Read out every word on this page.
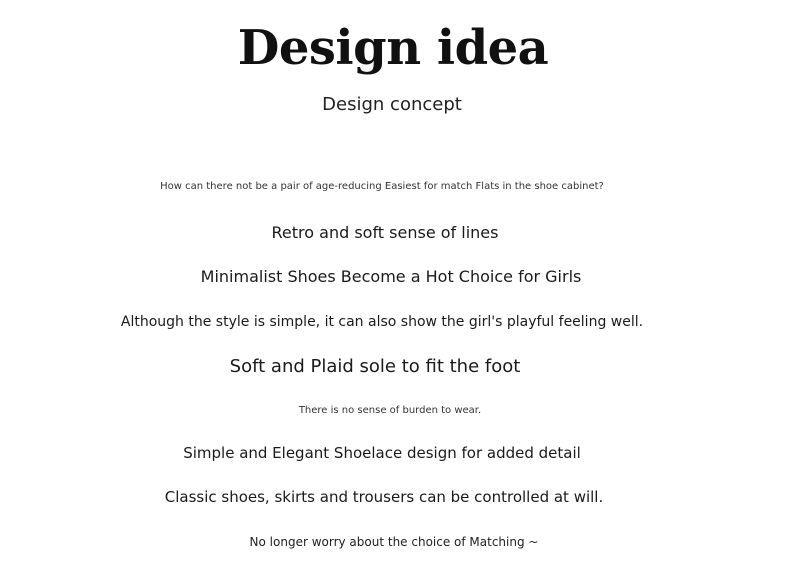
Design idea
Design concept
How can there not be a pair of age-reducing Easiest for match Flats in the shoe cabinet?
Retro and soft sense of lines
Minimalist Shoes Become a Hot Choice for Girls
Although the style is simple, it can also show the girl's playful feeling well.
Soft and Plaid sole to fit the foot
There is no sense of burden to wear.
Simple and Elegant Shoelace design for added detail
Classic shoes, skirts and trousers can be controlled at will.
No longer worry about the choice of Matching ~
